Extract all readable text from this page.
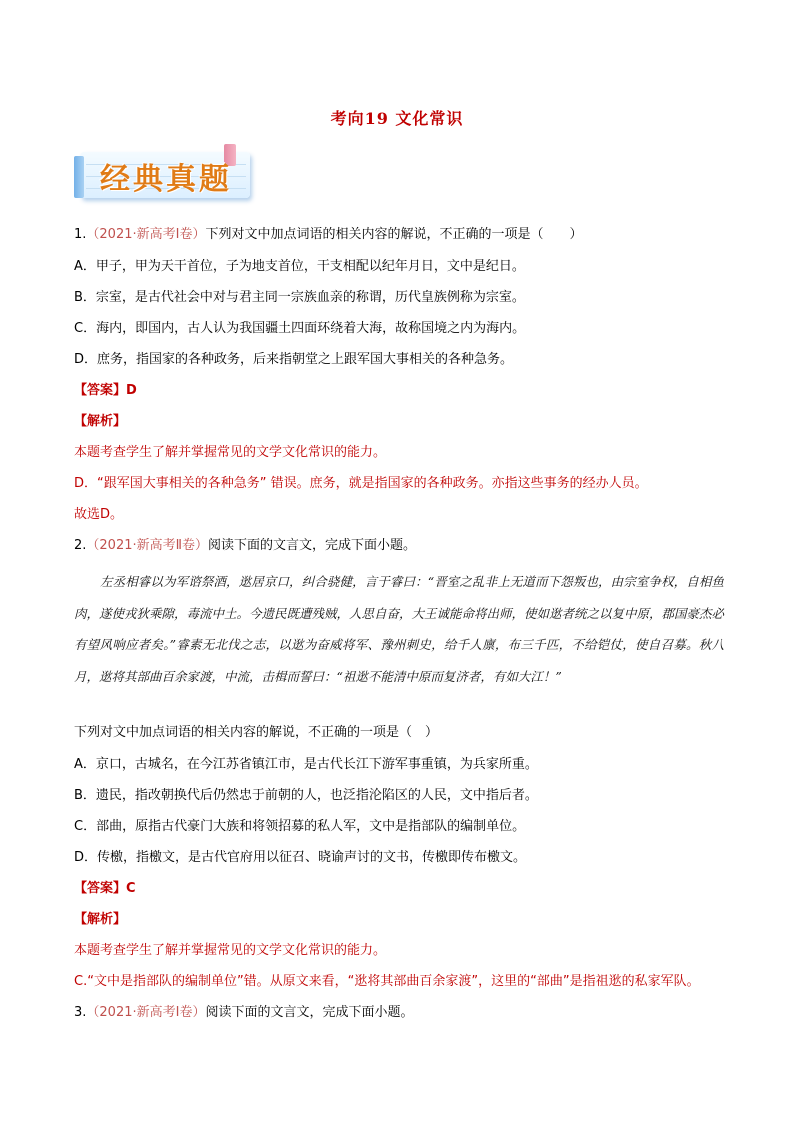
考向19 文化常识
经典真题
1.（2021·新高考Ⅰ卷）下列对文中加点词语的相关内容的解说，不正确的一项是（　　）
A．甲子，甲为天干首位，子为地支首位，干支相配以纪年月日，文中是纪日。
B．宗室，是古代社会中对与君主同一宗族血亲的称谓，历代皇族例称为宗室。
C．海内，即国内，古人认为我国疆土四面环绕着大海，故称国境之内为海内。
D．庶务，指国家的各种政务，后来指朝堂之上跟军国大事相关的各种急务。
【答案】D
【解析】
本题考查学生了解并掌握常见的文学文化常识的能力。
D．“跟军国大事相关的各种急务” 错误。庶务，就是指国家的各种政务。亦指这些事务的经办人员。
故选D。
2.（2021·新高考Ⅱ卷）阅读下面的文言文，完成下面小题。
左丞相睿以为军谘祭酒，逖居京口，纠合骁健，言于睿曰：“晋室之乱非上无道而下怨叛也，由宗室争权，自相鱼肉，遂使戎狄乘隙，毒流中土。今遗民既遭残贼，人思自奋，大王诚能命将出师，使如逖者统之以复中原，郡国豪杰必有望风响应者矣。”睿素无北伐之志，以逖为奋威将军、豫州刺史，给千人廪，布三千匹，不给铠仗，使自召募。秋八月，逖将其部曲百余家渡，中流，击楫而誓曰：“祖逖不能清中原而复济者，有如大江！”
下列对文中加点词语的相关内容的解说，不正确的一项是（　）
A．京口，古城名，在今江苏省镇江市，是古代长江下游军事重镇，为兵家所重。
B．遗民，指改朝换代后仍然忠于前朝的人，也泛指沦陷区的人民，文中指后者。
C．部曲，原指古代豪门大族和将领招募的私人军，文中是指部队的编制单位。
D．传檄，指檄文，是古代官府用以征召、晓谕声讨的文书，传檄即传布檄文。
【答案】C
【解析】
本题考查学生了解并掌握常见的文学文化常识的能力。
C.“文中是指部队的编制单位”错。从原文来看，“逖将其部曲百余家渡”，这里的“部曲”是指祖逖的私家军队。
3.（2021·新高考Ⅰ卷）阅读下面的文言文，完成下面小题。
